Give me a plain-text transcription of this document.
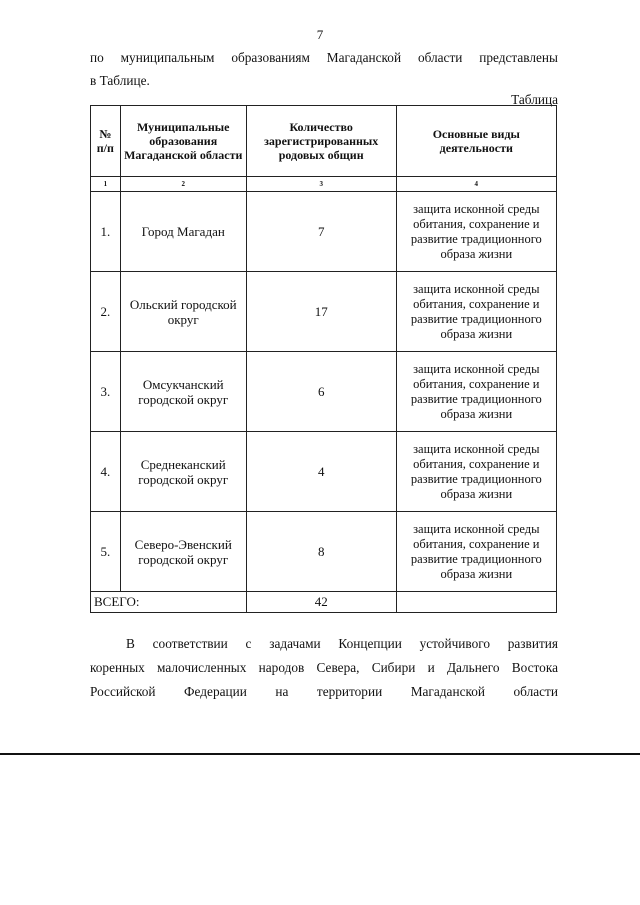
7
по муниципальным образованиям Магаданской области представлены
в Таблице.
Таблица
№ п/п	Муниципальные образования Магаданской области	Количество зарегистрированных родовых общин	Основные виды деятельности
1	2	3	4
1.	Город Магадан	7	защита исконной среды обитания, сохранение и развитие традиционного образа жизни
2.	Ольский городской округ	17	защита исконной среды обитания, сохранение и развитие традиционного образа жизни
3.	Омсукчанский городской округ	6	защита исконной среды обитания, сохранение и развитие традиционного образа жизни
4.	Среднеканский городской округ	4	защита исконной среды обитания, сохранение и развитие традиционного образа жизни
5.	Северо-Эвенский городской округ	8	защита исконной среды обитания, сохранение и развитие традиционного образа жизни
ВСЕГО:		42	
В соответствии с задачами Концепции устойчивого развития
коренных малочисленных народов Севера, Сибири и Дальнего Востока
Российской Федерации на территории Магаданской области
